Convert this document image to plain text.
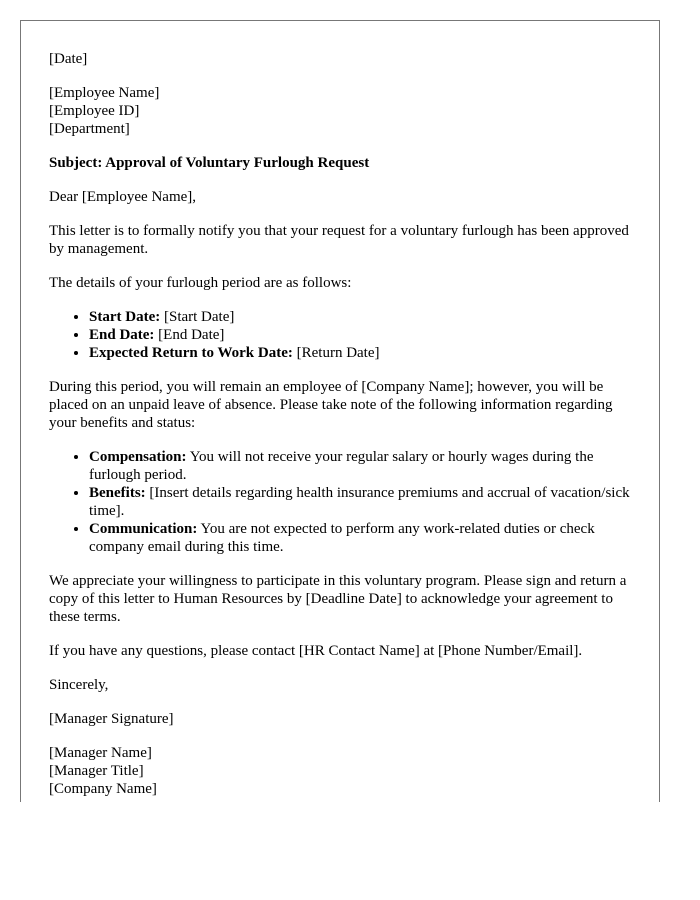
[Date]

[Employee Name]
[Employee ID]
[Department]

Subject: Approval of Voluntary Furlough Request

Dear [Employee Name],

This letter is to formally notify you that your request for a voluntary furlough has been approved by management.

The details of your furlough period are as follows:

• Start Date: [Start Date]
• End Date: [End Date]
• Expected Return to Work Date: [Return Date]

During this period, you will remain an employee of [Company Name]; however, you will be placed on an unpaid leave of absence. Please take note of the following information regarding your benefits and status:

• Compensation: You will not receive your regular salary or hourly wages during the furlough period.
• Benefits: [Insert details regarding health insurance premiums and accrual of vacation/sick time].
• Communication: You are not expected to perform any work-related duties or check company email during this time.

We appreciate your willingness to participate in this voluntary program. Please sign and return a copy of this letter to Human Resources by [Deadline Date] to acknowledge your agreement to these terms.

If you have any questions, please contact [HR Contact Name] at [Phone Number/Email].

Sincerely,

[Manager Signature]

[Manager Name]
[Manager Title]
[Company Name]
